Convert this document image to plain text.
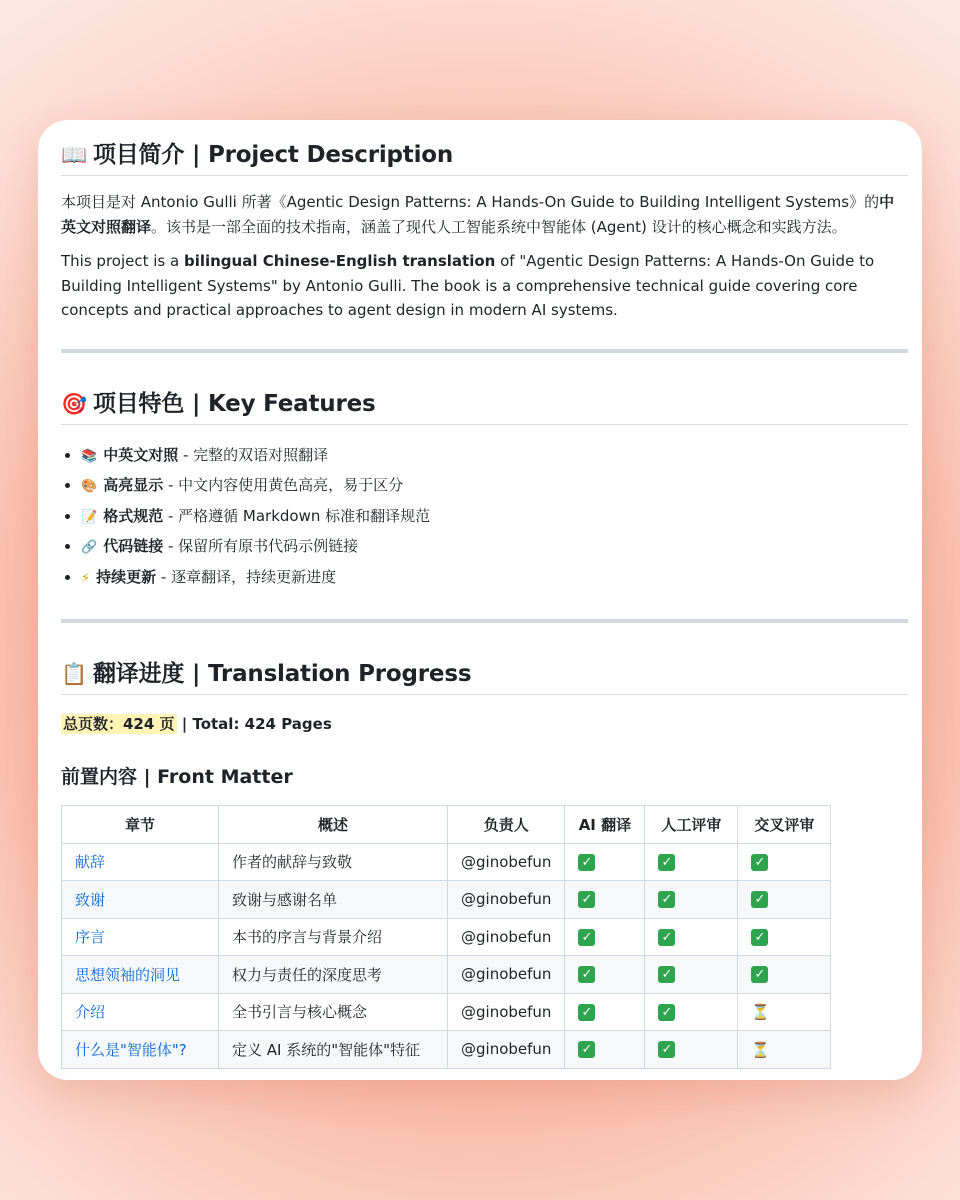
📖 项目简介 | Project Description

本项目是对 Antonio Gulli 所著《Agentic Design Patterns: A Hands-On Guide to Building Intelligent Systems》的中英文对照翻译。该书是一部全面的技术指南，涵盖了现代人工智能系统中智能体 (Agent) 设计的核心概念和实践方法。

This project is a bilingual Chinese-English translation of "Agentic Design Patterns: A Hands-On Guide to Building Intelligent Systems" by Antonio Gulli. The book is a comprehensive technical guide covering core concepts and practical approaches to agent design in modern AI systems.

🎯 项目特色 | Key Features
• 📚 中英文对照 - 完整的双语对照翻译
• 🎨 高亮显示 - 中文内容使用黄色高亮，易于区分
• 📝 格式规范 - 严格遵循 Markdown 标准和翻译规范
• 🔗 代码链接 - 保留所有原书代码示例链接
• ⚡ 持续更新 - 逐章翻译，持续更新进度
📋 翻译进度 | Translation Progress
总页数：424 页 | Total: 424 Pages
前置内容 | Front Matter
章节	概述	负责人	AI 翻译	人工评审	交叉评审
献辞	作者的献辞与致敬	@ginobefun	✓	✓	✓
致谢	致谢与感谢名单	@ginobefun	✓	✓	✓
序言	本书的序言与背景介绍	@ginobefun	✓	✓	✓
思想领袖的洞见	权力与责任的深度思考	@ginobefun	✓	✓	✓
介绍	全书引言与核心概念	@ginobefun	✓	✓	⏳
什么是"智能体"?	定义 AI 系统的"智能体"特征	@ginobefun	✓	✓	⏳
